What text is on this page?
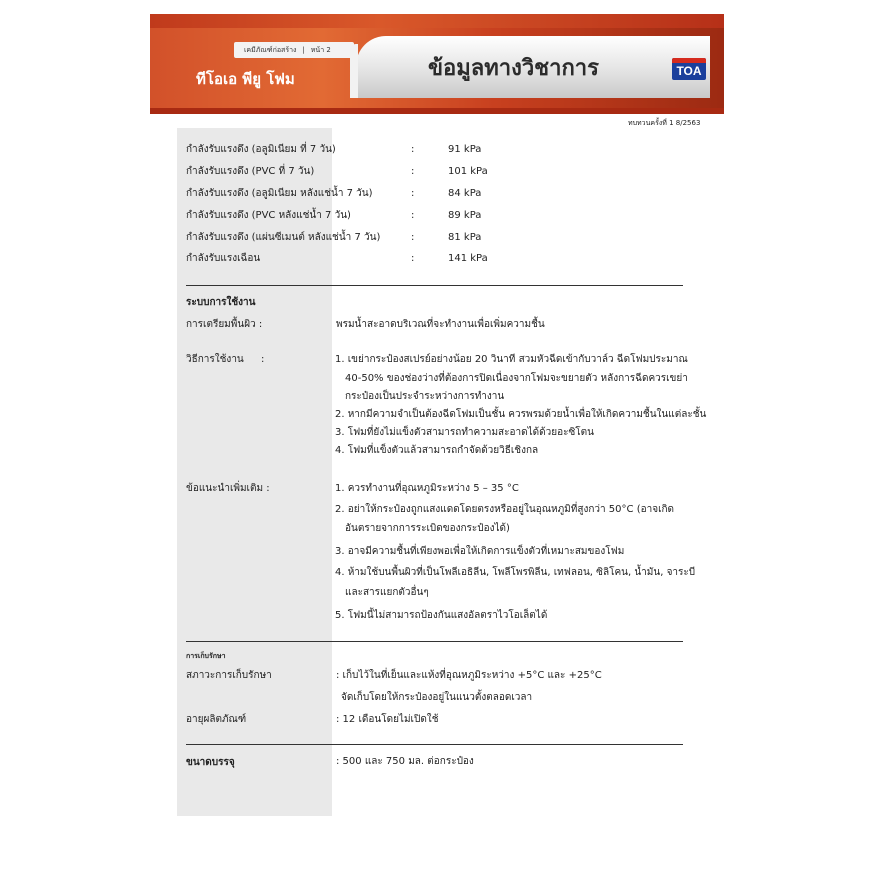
เคมีภัณฑ์ก่อสร้าง | หน้า 2
ทีโอเอ พียู โฟม	ข้อมูลทางวิชาการ	TOA
ทบทวนครั้งที่ 1 8/2563
กำลังรับแรงดึง (อลูมิเนียม ที่ 7 วัน)	:	91 kPa
กำลังรับแรงดึง (PVC ที่ 7 วัน)	:	101 kPa
กำลังรับแรงดึง (อลูมิเนียม หลังแช่น้ำ 7 วัน)	:	84 kPa
กำลังรับแรงดึง (PVC หลังแช่น้ำ 7 วัน)	:	89 kPa
กำลังรับแรงดึง (แผ่นซีเมนต์ หลังแช่น้ำ 7 วัน)	:	81 kPa
กำลังรับแรงเฉือน	:	141 kPa
ระบบการใช้งาน
การเตรียมพื้นผิว :	พรมน้ำสะอาดบริเวณที่จะทำงานเพื่อเพิ่มความชื้น
วิธีการใช้งาน :	1. เขย่ากระป๋องสเปรย์อย่างน้อย 20 วินาที สวมหัวฉีดเข้ากับวาล์ว ฉีดโฟมประมาณ
40-50% ของช่องว่างที่ต้องการปิดเนื่องจากโฟมจะขยายตัว หลังการฉีดควรเขย่า
กระป๋องเป็นประจำระหว่างการทำงาน
2. หากมีความจำเป็นต้องฉีดโฟมเป็นชั้น ควรพรมด้วยน้ำเพื่อให้เกิดความชื้นในแต่ละชั้น
3. โฟมที่ยังไม่แข็งตัวสามารถทำความสะอาดได้ด้วยอะซิโตน
4. โฟมที่แข็งตัวแล้วสามารถกำจัดด้วยวิธีเชิงกล
ข้อแนะนำเพิ่มเติม :	1. ควรทำงานที่อุณหภูมิระหว่าง 5 – 35 °C
2. อย่าให้กระป๋องถูกแสงแดดโดยตรงหรืออยู่ในอุณหภูมิที่สูงกว่า 50°C (อาจเกิด
อันตรายจากการระเบิดของกระป๋องได้)
3. อาจมีความชื้นที่เพียงพอเพื่อให้เกิดการแข็งตัวที่เหมาะสมของโฟม
4. ห้ามใช้บนพื้นผิวที่เป็นโพลีเอธิลีน, โพลีโพรพิลีน, เทฟลอน, ซิลิโคน, น้ำมัน, จาระบี
และสารแยกตัวอื่นๆ
5. โฟมนี้ไม่สามารถป้องกันแสงอัลตราไวโอเล็ตได้
การเก็บรักษา
สภาวะการเก็บรักษา	: เก็บไว้ในที่เย็นและแห้งที่อุณหภูมิระหว่าง +5°C และ +25°C
จัดเก็บโดยให้กระป๋องอยู่ในแนวตั้งตลอดเวลา
อายุผลิตภัณฑ์	: 12 เดือนโดยไม่เปิดใช้
ขนาดบรรจุ	: 500 และ 750 มล. ต่อกระป๋อง
